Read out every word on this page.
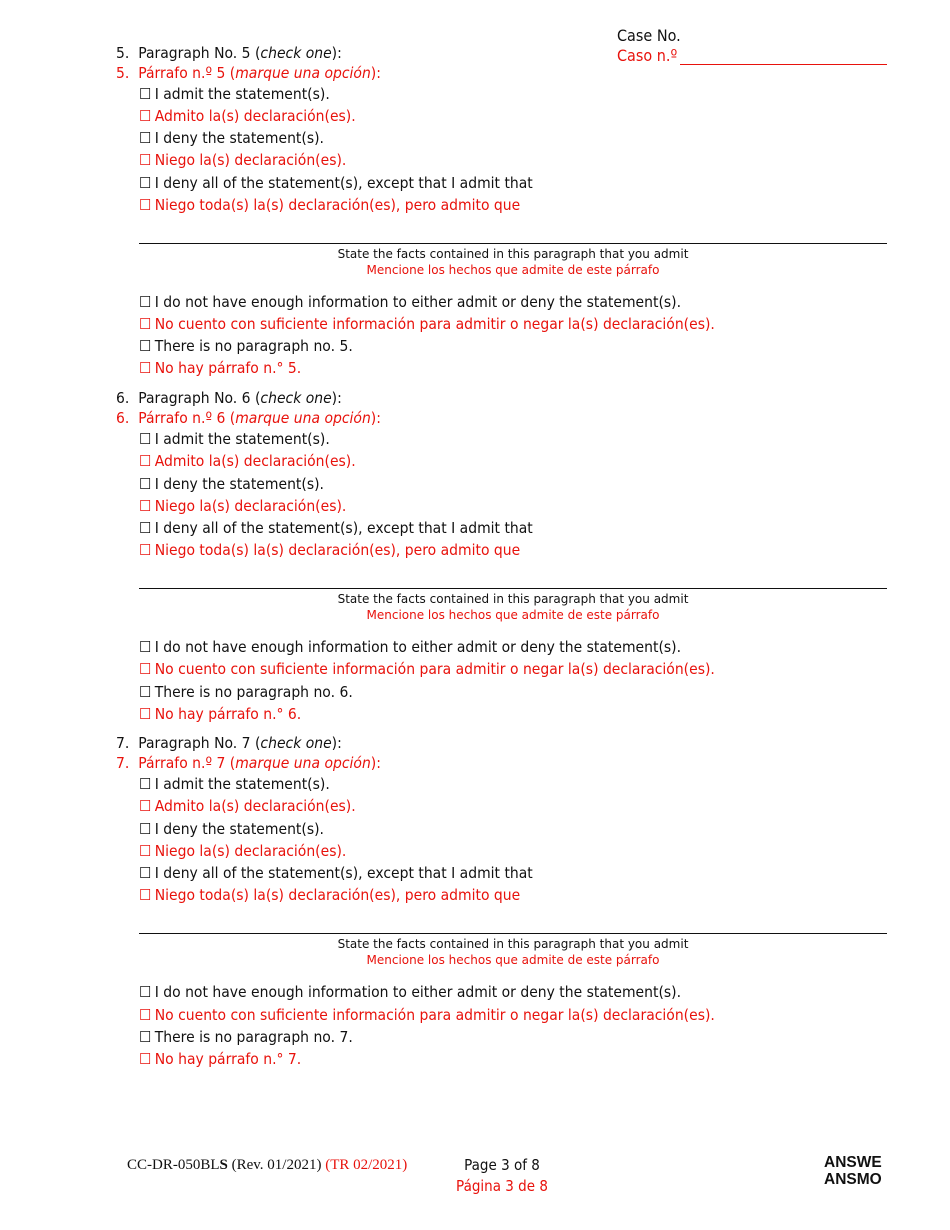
Case No.
Caso n.º
5. Paragraph No. 5 (check one):
5. Párrafo n.º 5 (marque una opción):
☐ I admit the statement(s).
☐ Admito la(s) declaración(es).
☐ I deny the statement(s).
☐ Niego la(s) declaración(es).
☐ I deny all of the statement(s), except that I admit that
☐ Niego toda(s) la(s) declaración(es), pero admito que
State the facts contained in this paragraph that you admit
Mencione los hechos que admite de este párrafo
☐ I do not have enough information to either admit or deny the statement(s).
☐ No cuento con suficiente información para admitir o negar la(s) declaración(es).
☐ There is no paragraph no. 5.
☐ No hay párrafo n.° 5.
6. Paragraph No. 6 (check one):
6. Párrafo n.º 6 (marque una opción):
☐ I admit the statement(s).
☐ Admito la(s) declaración(es).
☐ I deny the statement(s).
☐ Niego la(s) declaración(es).
☐ I deny all of the statement(s), except that I admit that
☐ Niego toda(s) la(s) declaración(es), pero admito que
State the facts contained in this paragraph that you admit
Mencione los hechos que admite de este párrafo
☐ I do not have enough information to either admit or deny the statement(s).
☐ No cuento con suficiente información para admitir o negar la(s) declaración(es).
☐ There is no paragraph no. 6.
☐ No hay párrafo n.° 6.
7. Paragraph No. 7 (check one):
7. Párrafo n.º 7 (marque una opción):
☐ I admit the statement(s).
☐ Admito la(s) declaración(es).
☐ I deny the statement(s).
☐ Niego la(s) declaración(es).
☐ I deny all of the statement(s), except that I admit that
☐ Niego toda(s) la(s) declaración(es), pero admito que
State the facts contained in this paragraph that you admit
Mencione los hechos que admite de este párrafo
☐ I do not have enough information to either admit or deny the statement(s).
☐ No cuento con suficiente información para admitir o negar la(s) declaración(es).
☐ There is no paragraph no. 7.
☐ No hay párrafo n.° 7.
CC-DR-050BLS (Rev. 01/2021) (TR 02/2021)	Page 3 of 8
Página 3 de 8
ANSWE
ANSMO
